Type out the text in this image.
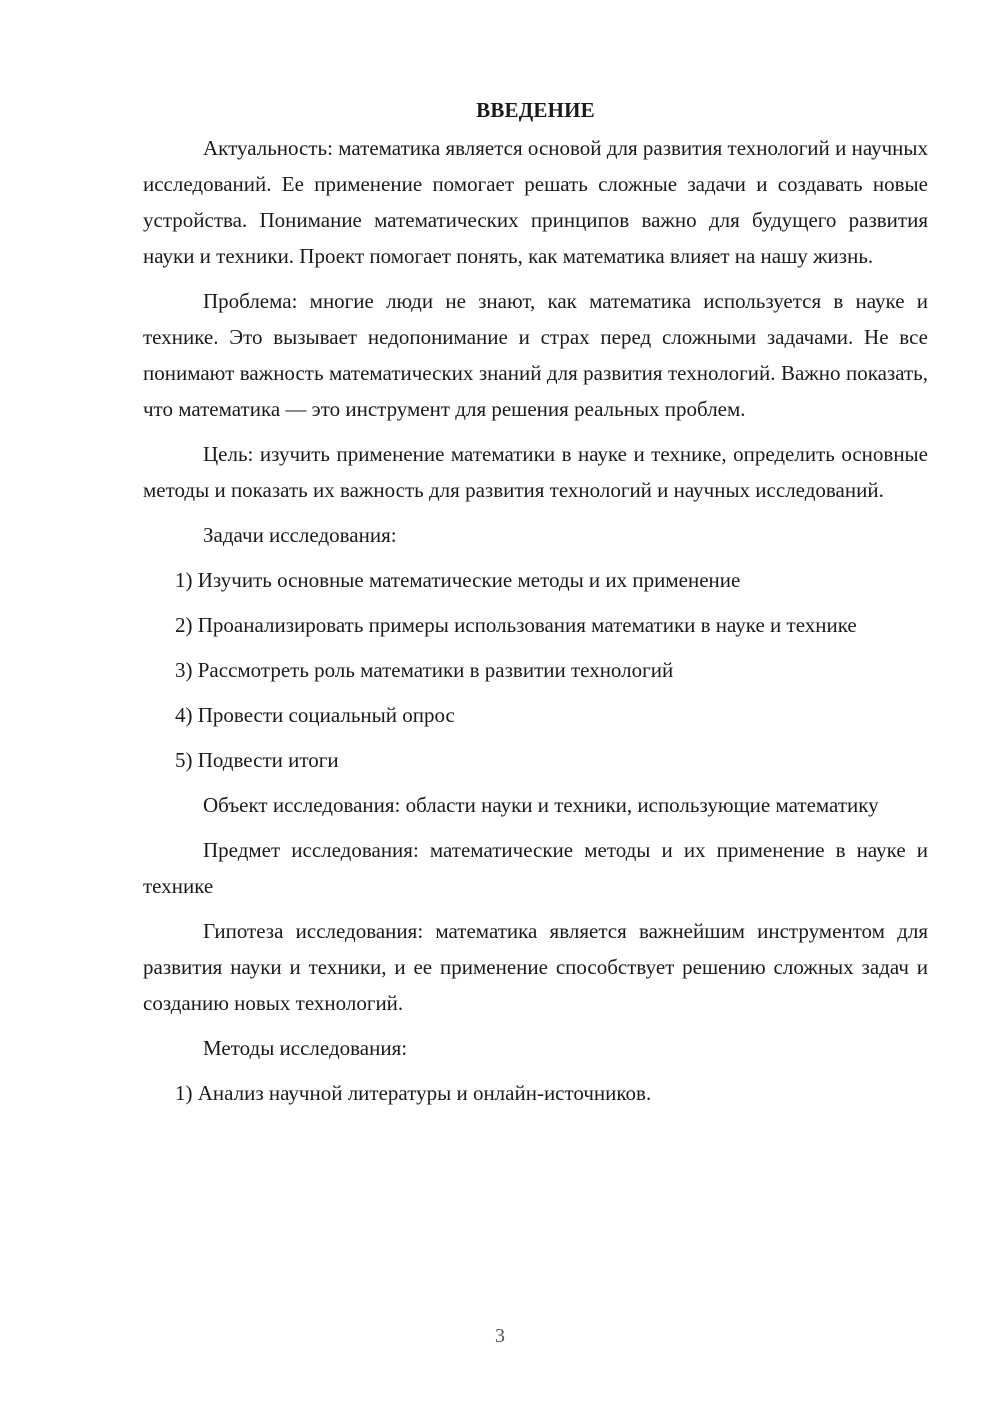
ВВЕДЕНИЕ

Актуальность: математика является основой для развития технологий и научных исследований. Ее применение помогает решать сложные задачи и создавать новые устройства. Понимание математических принципов важно для будущего развития науки и техники. Проект помогает понять, как математика влияет на нашу жизнь.

Проблема: многие люди не знают, как математика используется в науке и технике. Это вызывает недопонимание и страх перед сложными задачами. Не все понимают важность математических знаний для развития технологий. Важно показать, что математика — это инструмент для решения реальных проблем.

Цель: изучить применение математики в науке и технике, определить основные методы и показать их важность для развития технологий и научных исследований.

Задачи исследования:

1) Изучить основные математические методы и их применение

2) Проанализировать примеры использования математики в науке и технике

3) Рассмотреть роль математики в развитии технологий

4) Провести социальный опрос

5) Подвести итоги

Объект исследования: области науки и техники, использующие математику

Предмет исследования: математические методы и их применение в науке и технике

Гипотеза исследования: математика является важнейшим инструментом для развития науки и техники, и ее применение способствует решению сложных задач и созданию новых технологий.

Методы исследования:

1) Анализ научной литературы и онлайн-источников.

3
